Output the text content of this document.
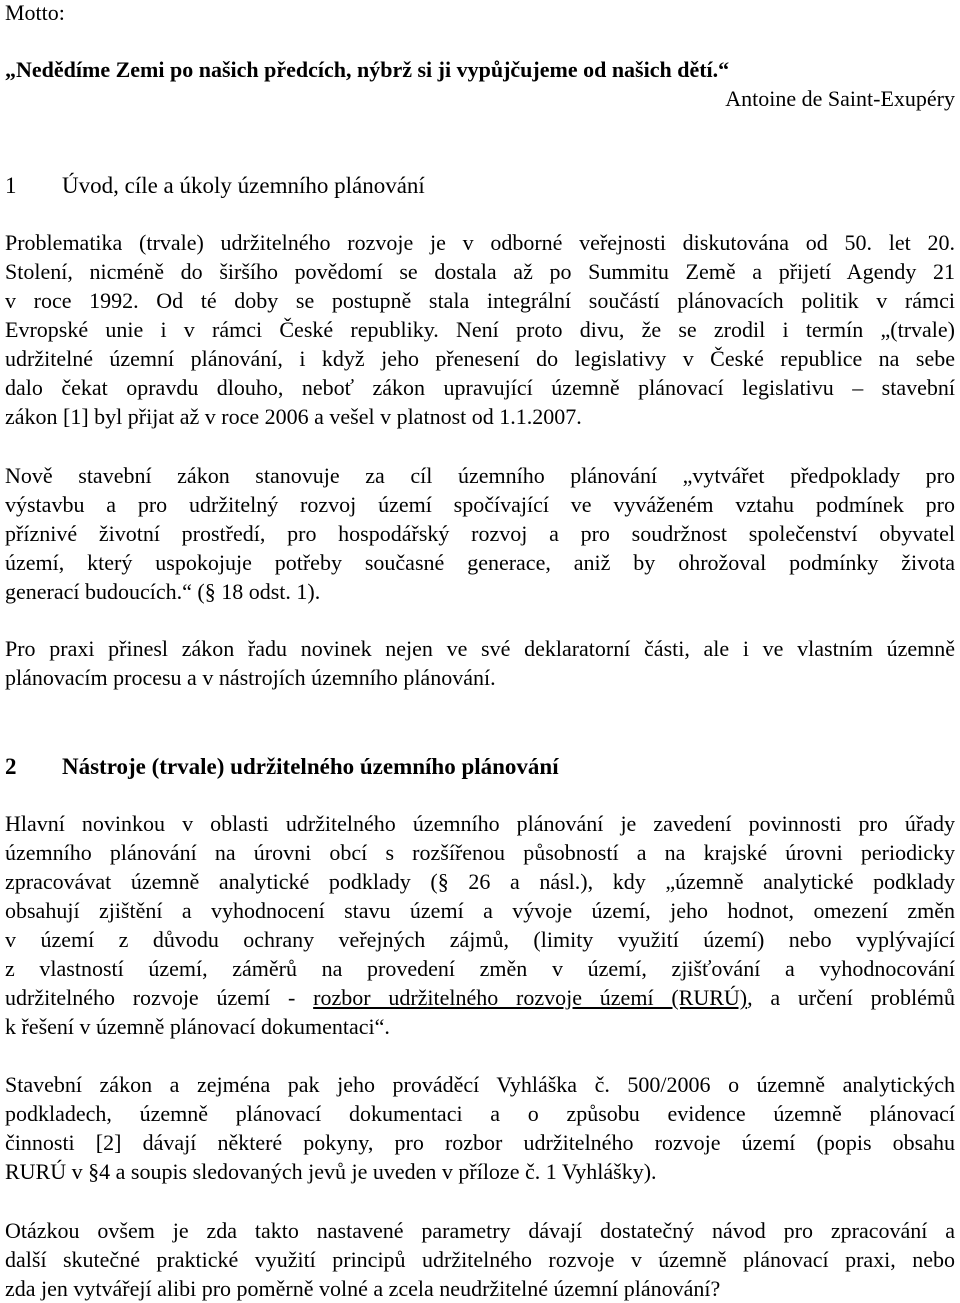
Motto:
„Nedědíme Zemi po našich předcích, nýbrž si ji vypůjčujeme od našich dětí.“
Antoine de Saint-Exupéry
1 Úvod, cíle a úkoly územního plánování
Problematika (trvale) udržitelného rozvoje je v odborné veřejnosti diskutována od 50. let 20.
Stolení, nicméně do širšího povědomí se dostala až po Summitu Země a přijetí Agendy 21
v roce 1992. Od té doby se postupně stala integrální součástí plánovacích politik v rámci
Evropské unie i v rámci České republiky. Není proto divu, že se zrodil i termín „(trvale)
udržitelné územní plánování, i když jeho přenesení do legislativy v České republice na sebe
dalo čekat opravdu dlouho, neboť zákon upravující územně plánovací legislativu – stavební
zákon [1] byl přijat až v roce 2006 a vešel v platnost od 1.1.2007.
Nově stavební zákon stanovuje za cíl územního plánování „vytvářet předpoklady pro
výstavbu a pro udržitelný rozvoj území spočívající ve vyváženém vztahu podmínek pro
příznivé životní prostředí, pro hospodářský rozvoj a pro soudržnost společenství obyvatel
území, který uspokojuje potřeby současné generace, aniž by ohrožoval podmínky života
generací budoucích.“ (§ 18 odst. 1).
Pro praxi přinesl zákon řadu novinek nejen ve své deklaratorní části, ale i ve vlastním územně
plánovacím procesu a v nástrojích územního plánování.
2 Nástroje (trvale) udržitelného územního plánování
Hlavní novinkou v oblasti udržitelného územního plánování je zavedení povinnosti pro úřady
územního plánování na úrovni obcí s rozšířenou působností a na krajské úrovni periodicky
zpracovávat územně analytické podklady (§ 26 a násl.), kdy „územně analytické podklady
obsahují zjištění a vyhodnocení stavu území a vývoje území, jeho hodnot, omezení změn
v území z důvodu ochrany veřejných zájmů, (limity využití území) nebo vyplývající
z vlastností území, záměrů na provedení změn v území, zjišťování a vyhodnocování
udržitelného rozvoje území - rozbor udržitelného rozvoje území (RURÚ), a určení problémů
k řešení v územně plánovací dokumentaci“.
Stavební zákon a zejména pak jeho prováděcí Vyhláška č. 500/2006 o územně analytických
podkladech, územně plánovací dokumentaci a o způsobu evidence územně plánovací
činnosti [2] dávají některé pokyny, pro rozbor udržitelného rozvoje území (popis obsahu
RURÚ v §4 a soupis sledovaných jevů je uveden v příloze č. 1 Vyhlášky).
Otázkou ovšem je zda takto nastavené parametry dávají dostatečný návod pro zpracování a
další skutečné praktické využití principů udržitelného rozvoje v územně plánovací praxi, nebo
zda jen vytvářejí alibi pro poměrně volné a zcela neudržitelné územní plánování?
